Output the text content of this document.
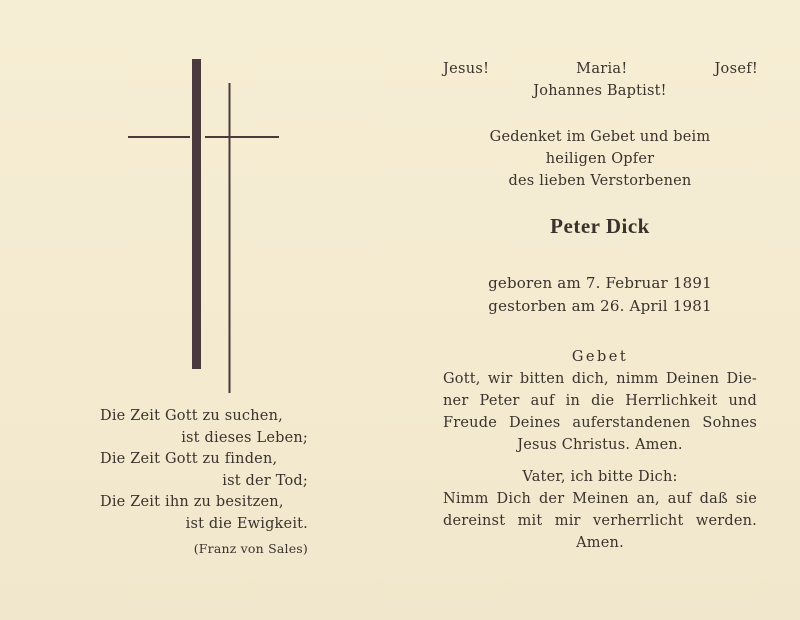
Die Zeit Gott zu suchen,
ist dieses Leben;
Die Zeit Gott zu finden,
ist der Tod;
Die Zeit ihn zu besitzen,
ist die Ewigkeit.
(Franz von Sales)
Jesus!	Maria!	Josef!
Johannes Baptist!
Gedenket im Gebet und beim
heiligen Opfer
des lieben Verstorbenen
Peter Dick
geboren am 7. Februar 1891
gestorben am 26. April 1981
Gebet
Gott, wir bitten dich, nimm Deinen Die-
ner Peter auf in die Herrlichkeit und
Freude Deines auferstandenen Sohnes
Jesus Christus. Amen.
Vater, ich bitte Dich:
Nimm Dich der Meinen an, auf daß sie
dereinst mit mir verherrlicht werden.
Amen.
